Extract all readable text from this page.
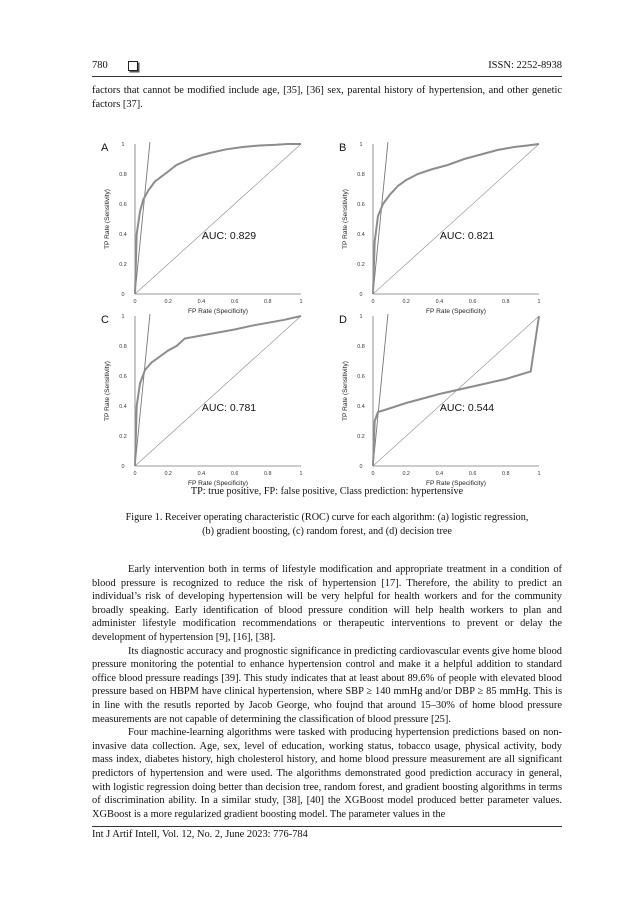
780	ISSN: 2252-8938
factors that cannot be modified include age, [35], [36] sex, parental history of hypertension, and other genetic factors [37].
A
0
0.2
0.4
0.6
0.8
1
0	0.2	0.4	0.6	0.8	1
FP Rate (Specificity)
TP Rate (Sensitivity)	AUC: 0.829
B
0
0.2
0.4
0.6
0.8
1
0	0.2	0.4	0.6	0.8	1
FP Rate (Specificity)
TP Rate (Sensitivity)	AUC: 0.821
C
0
0.2
0.4
0.6
0.8
1
0	0.2	0.4	0.6	0.8	1
FP Rate (Specificity)
TP Rate (Sensitivity)	AUC: 0.781
D
0
0.2
0.4
0.6
0.8
1
0	0.2	0.4	0.6	0.8	1
FP Rate (Specificity)
TP Rate (Sensitivity)	AUC: 0.544
TP: true positive, FP: false positive, Class prediction: hypertensive
Figure 1. Receiver operating characteristic (ROC) curve for each algorithm: (a) logistic regression,
(b) gradient boosting, (c) random forest, and (d) decision tree

Early intervention both in terms of lifestyle modification and appropriate treatment in a condition of blood pressure is recognized to reduce the risk of hypertension [17]. Therefore, the ability to predict an individual’s risk of developing hypertension will be very helpful for health workers and for the community broadly speaking. Early identification of blood pressure condition will help health workers to plan and administer lifestyle modification recommendations or therapeutic interventions to prevent or delay the development of hypertension [9], [16], [38].

Its diagnostic accuracy and prognostic significance in predicting cardiovascular events give home blood pressure monitoring the potential to enhance hypertension control and make it a helpful addition to standard office blood pressure readings [39]. This study indicates that at least about 89.6% of people with elevated blood pressure based on HBPM have clinical hypertension, where SBP ≥ 140 mmHg and/or DBP ≥ 85 mmHg. This is in line with the resutls reported by Jacob George, who foujnd that around 15–30% of home blood pressure measurements are not capable of determining the classification of blood pressure [25].

Four machine-learning algorithms were tasked with producing hypertension predictions based on non-invasive data collection. Age, sex, level of education, working status, tobacco usage, physical activity, body mass index, diabetes history, high cholesterol history, and home blood pressure measurement are all significant predictors of hypertension and were used. The algorithms demonstrated good prediction accuracy in general, with logistic regression doing better than decision tree, random forest, and gradient boosting algorithms in terms of discrimination ability. In a similar study, [38], [40] the XGBoost model produced better parameter values. XGBoost is a more regularized gradient boosting model. The parameter values in the

Int J Artif Intell, Vol. 12, No. 2, June 2023: 776-784
